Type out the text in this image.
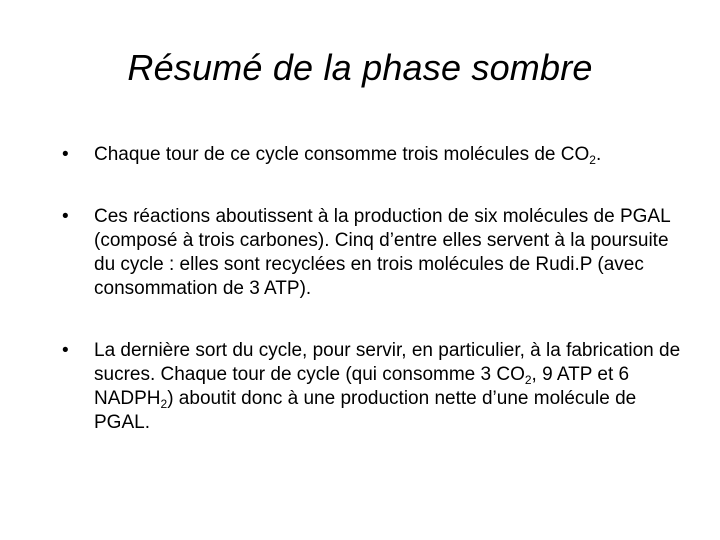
Résumé de la phase sombre
•	Chaque tour de ce cycle consomme trois molécules de $CO_2$.
•	Ces réactions aboutissent à la production de six molécules de PGAL (composé à trois carbones). Cinq d’entre elles servent à la poursuite du cycle : elles sont recyclées en trois molécules de Rudi.P (avec consommation de 3 ATP).
•	La dernière sort du cycle, pour servir, en particulier, à la fabrication de sucres. Chaque tour de cycle (qui consomme 3 $CO_2$, 9 ATP et 6 $NADPH_2$) aboutit donc à une production nette d’une molécule de PGAL.
